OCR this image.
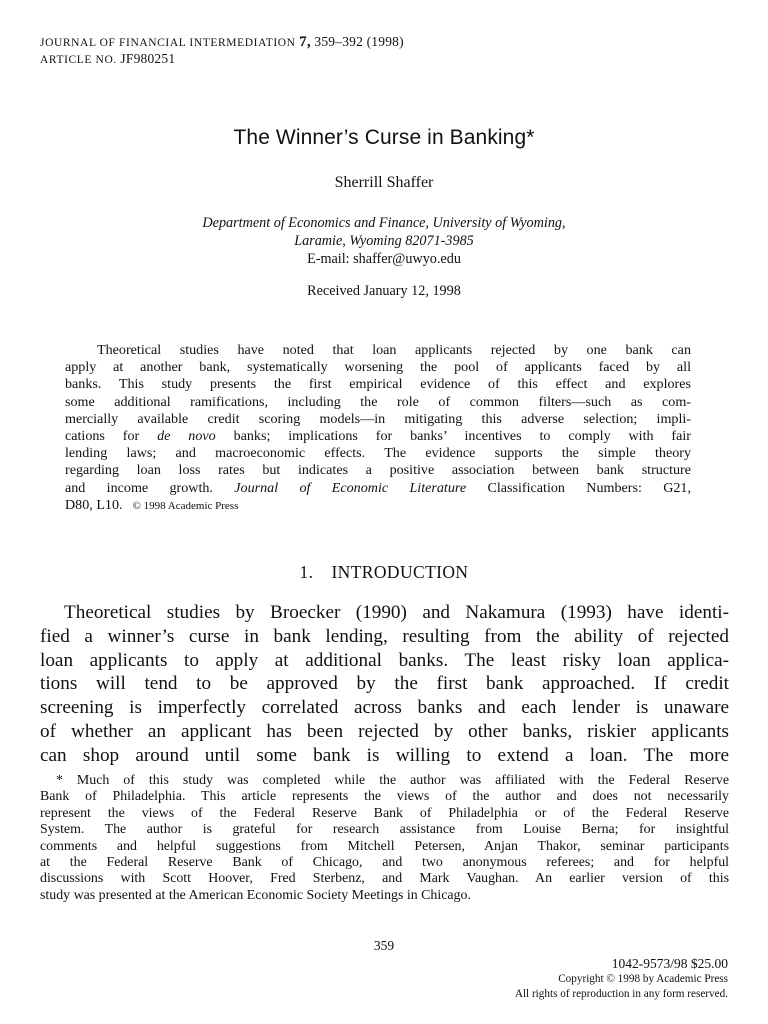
JOURNAL OF FINANCIAL INTERMEDIATION 7, 359–392 (1998)
ARTICLE NO. JF980251
The Winner’s Curse in Banking*
Sherrill Shaffer
Department of Economics and Finance, University of Wyoming,
Laramie, Wyoming 82071-3985
E-mail: shaffer@uwyo.edu
Received January 12, 1998
Theoretical studies have noted that loan applicants rejected by one bank can
apply at another bank, systematically worsening the pool of applicants faced by all
banks. This study presents the first empirical evidence of this effect and explores
some additional ramifications, including the role of common filters—such as com-
mercially available credit scoring models—in mitigating this adverse selection; impli-
cations for de novo banks; implications for banks’ incentives to comply with fair
lending laws; and macroeconomic effects. The evidence supports the simple theory
regarding loan loss rates but indicates a positive association between bank structure
and income growth. Journal of Economic Literature Classification Numbers: G21,
D80, L10. © 1998 Academic Press
1. INTRODUCTION
Theoretical studies by Broecker (1990) and Nakamura (1993) have identi-
fied a winner’s curse in bank lending, resulting from the ability of rejected
loan applicants to apply at additional banks. The least risky loan applica-
tions will tend to be approved by the first bank approached. If credit
screening is imperfectly correlated across banks and each lender is unaware
of whether an applicant has been rejected by other banks, riskier applicants
can shop around until some bank is willing to extend a loan. The more
* Much of this study was completed while the author was affiliated with the Federal Reserve
Bank of Philadelphia. This article represents the views of the author and does not necessarily
represent the views of the Federal Reserve Bank of Philadelphia or of the Federal Reserve
System. The author is grateful for research assistance from Louise Berna; for insightful
comments and helpful suggestions from Mitchell Petersen, Anjan Thakor, seminar participants
at the Federal Reserve Bank of Chicago, and two anonymous referees; and for helpful
discussions with Scott Hoover, Fred Sterbenz, and Mark Vaughan. An earlier version of this
study was presented at the American Economic Society Meetings in Chicago.
359
1042-9573/98 $25.00
Copyright © 1998 by Academic Press
All rights of reproduction in any form reserved.
